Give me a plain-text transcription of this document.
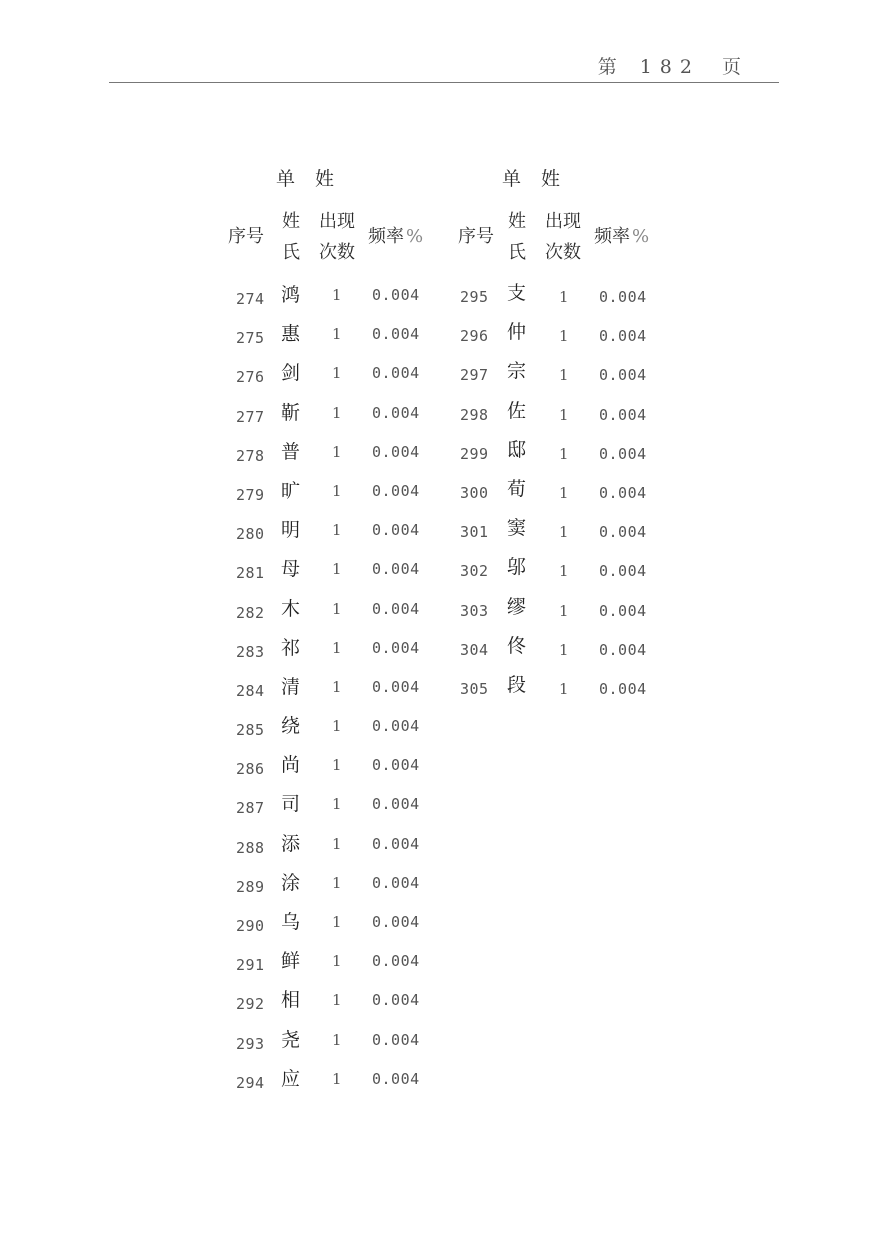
第 182 页
单姓
序号
姓
氏
出现
次数
频率 %
274 鸿 1 0.004
275 惠 1 0.004
276 剑 1 0.004
277 靳 1 0.004
278 普 1 0.004
279 旷 1 0.004
280 明 1 0.004
281 母 1 0.004
282 木 1 0.004
283 祁 1 0.004
284 清 1 0.004
285 绕 1 0.004
286 尚 1 0.004
287 司 1 0.004
288 添 1 0.004
289 涂 1 0.004
290 乌 1 0.004
291 鲜 1 0.004
292 相 1 0.004
293 尧 1 0.004
294 应 1 0.004
单姓
序号
姓
氏
出现
次数
频率 %
295 支 1 0.004
296 仲 1 0.004
297 宗 1 0.004
298 佐 1 0.004
299 邸 1 0.004
300 荀 1 0.004
301 窦 1 0.004
302 邬 1 0.004
303 缪 1 0.004
304 佟 1 0.004
305 段 1 0.004
